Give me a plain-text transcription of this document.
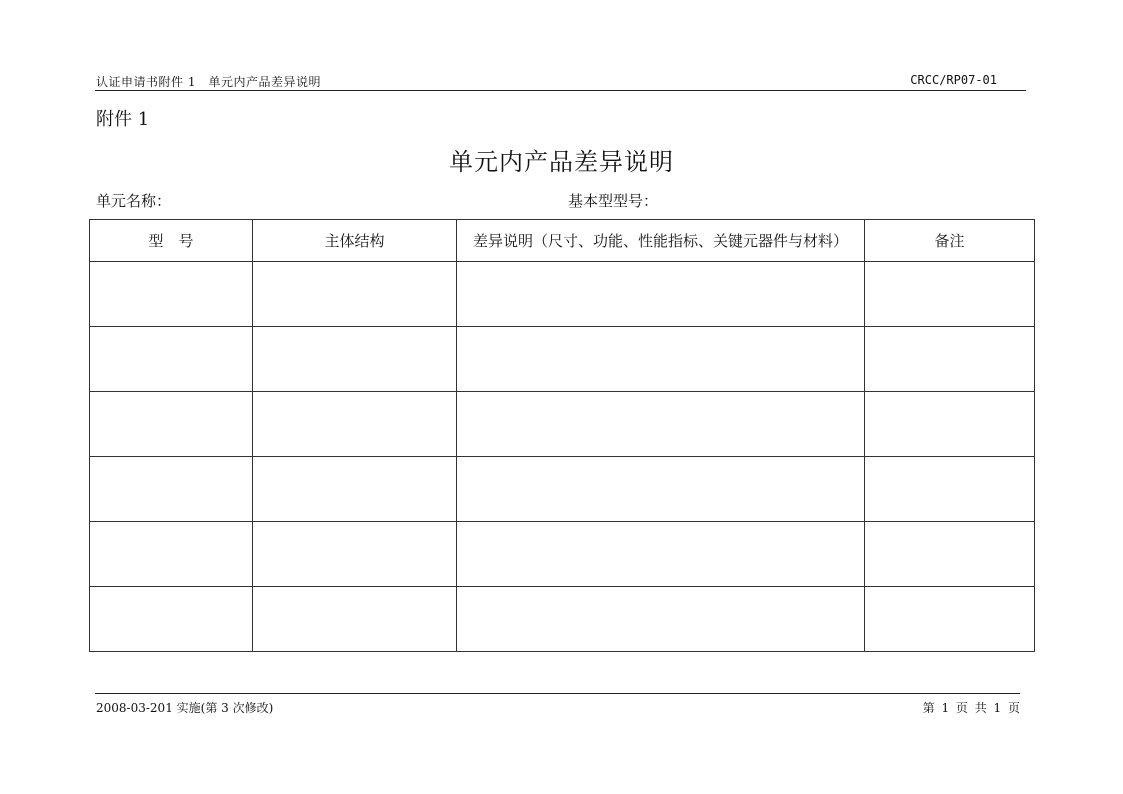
认证申请书附件 1　单元内产品差异说明	CRCC/RP07-01
附件 1
单元内产品差异说明
单元名称：	基本型型号：
型　号	主体结构	差异说明（尺寸、功能、性能指标、关键元器件与材料）	备注

2008-03-201 实施(第 3 次修改)	第 1 页 共 1 页
